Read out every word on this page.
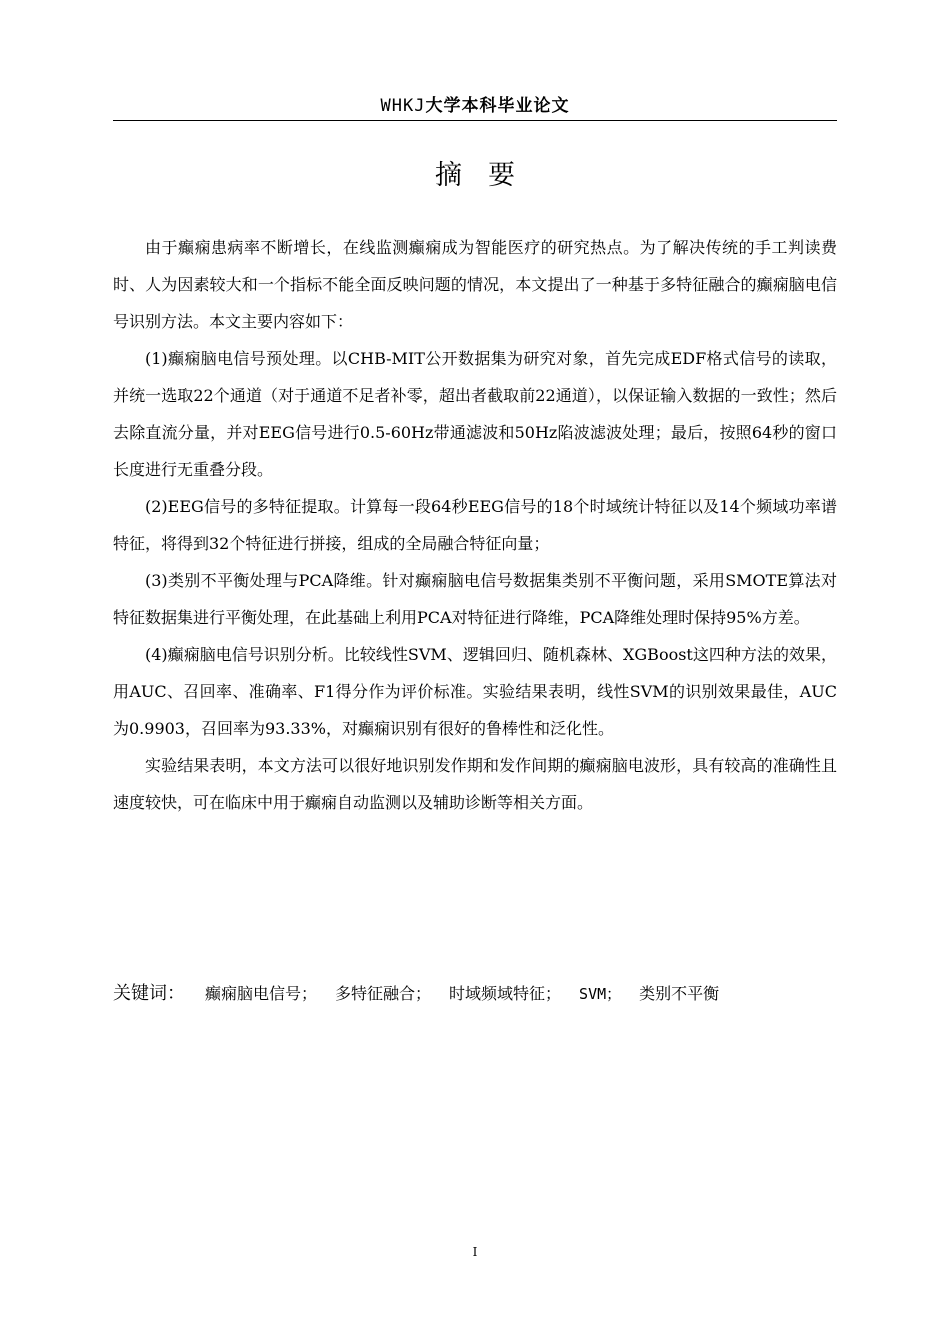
WHKJ大学本科毕业论文
摘要

由于癫痫患病率不断增长，在线监测癫痫成为智能医疗的研究热点。为了解决传统的手工判读费时、人为因素较大和一个指标不能全面反映问题的情况，本文提出了一种基于多特征融合的癫痫脑电信号识别方法。本文主要内容如下：

(1)癫痫脑电信号预处理。以CHB-MIT公开数据集为研究对象，首先完成EDF格式信号的读取，并统一选取22个通道（对于通道不足者补零，超出者截取前22通道），以保证输入数据的一致性；然后去除直流分量，并对EEG信号进行0.5-60Hz带通滤波和50Hz陷波滤波处理；最后，按照64秒的窗口长度进行无重叠分段。

(2)EEG信号的多特征提取。计算每一段64秒EEG信号的18个时域统计特征以及14个频域功率谱特征，将得到32个特征进行拼接，组成的全局融合特征向量；

(3)类别不平衡处理与PCA降维。针对癫痫脑电信号数据集类别不平衡问题，采用SMOTE算法对特征数据集进行平衡处理，在此基础上利用PCA对特征进行降维，PCA降维处理时保持95%方差。

(4)癫痫脑电信号识别分析。比较线性SVM、逻辑回归、随机森林、XGBoost这四种方法的效果，用AUC、召回率、准确率、F1得分作为评价标准。实验结果表明，线性SVM的识别效果最佳，AUC为0.9903，召回率为93.33%，对癫痫识别有很好的鲁棒性和泛化性。

实验结果表明，本文方法可以很好地识别发作期和发作间期的癫痫脑电波形，具有较高的准确性且速度较快，可在临床中用于癫痫自动监测以及辅助诊断等相关方面。

关键词： 癫痫脑电信号； 多特征融合； 时域频域特征； SVM； 类别不平衡
I
